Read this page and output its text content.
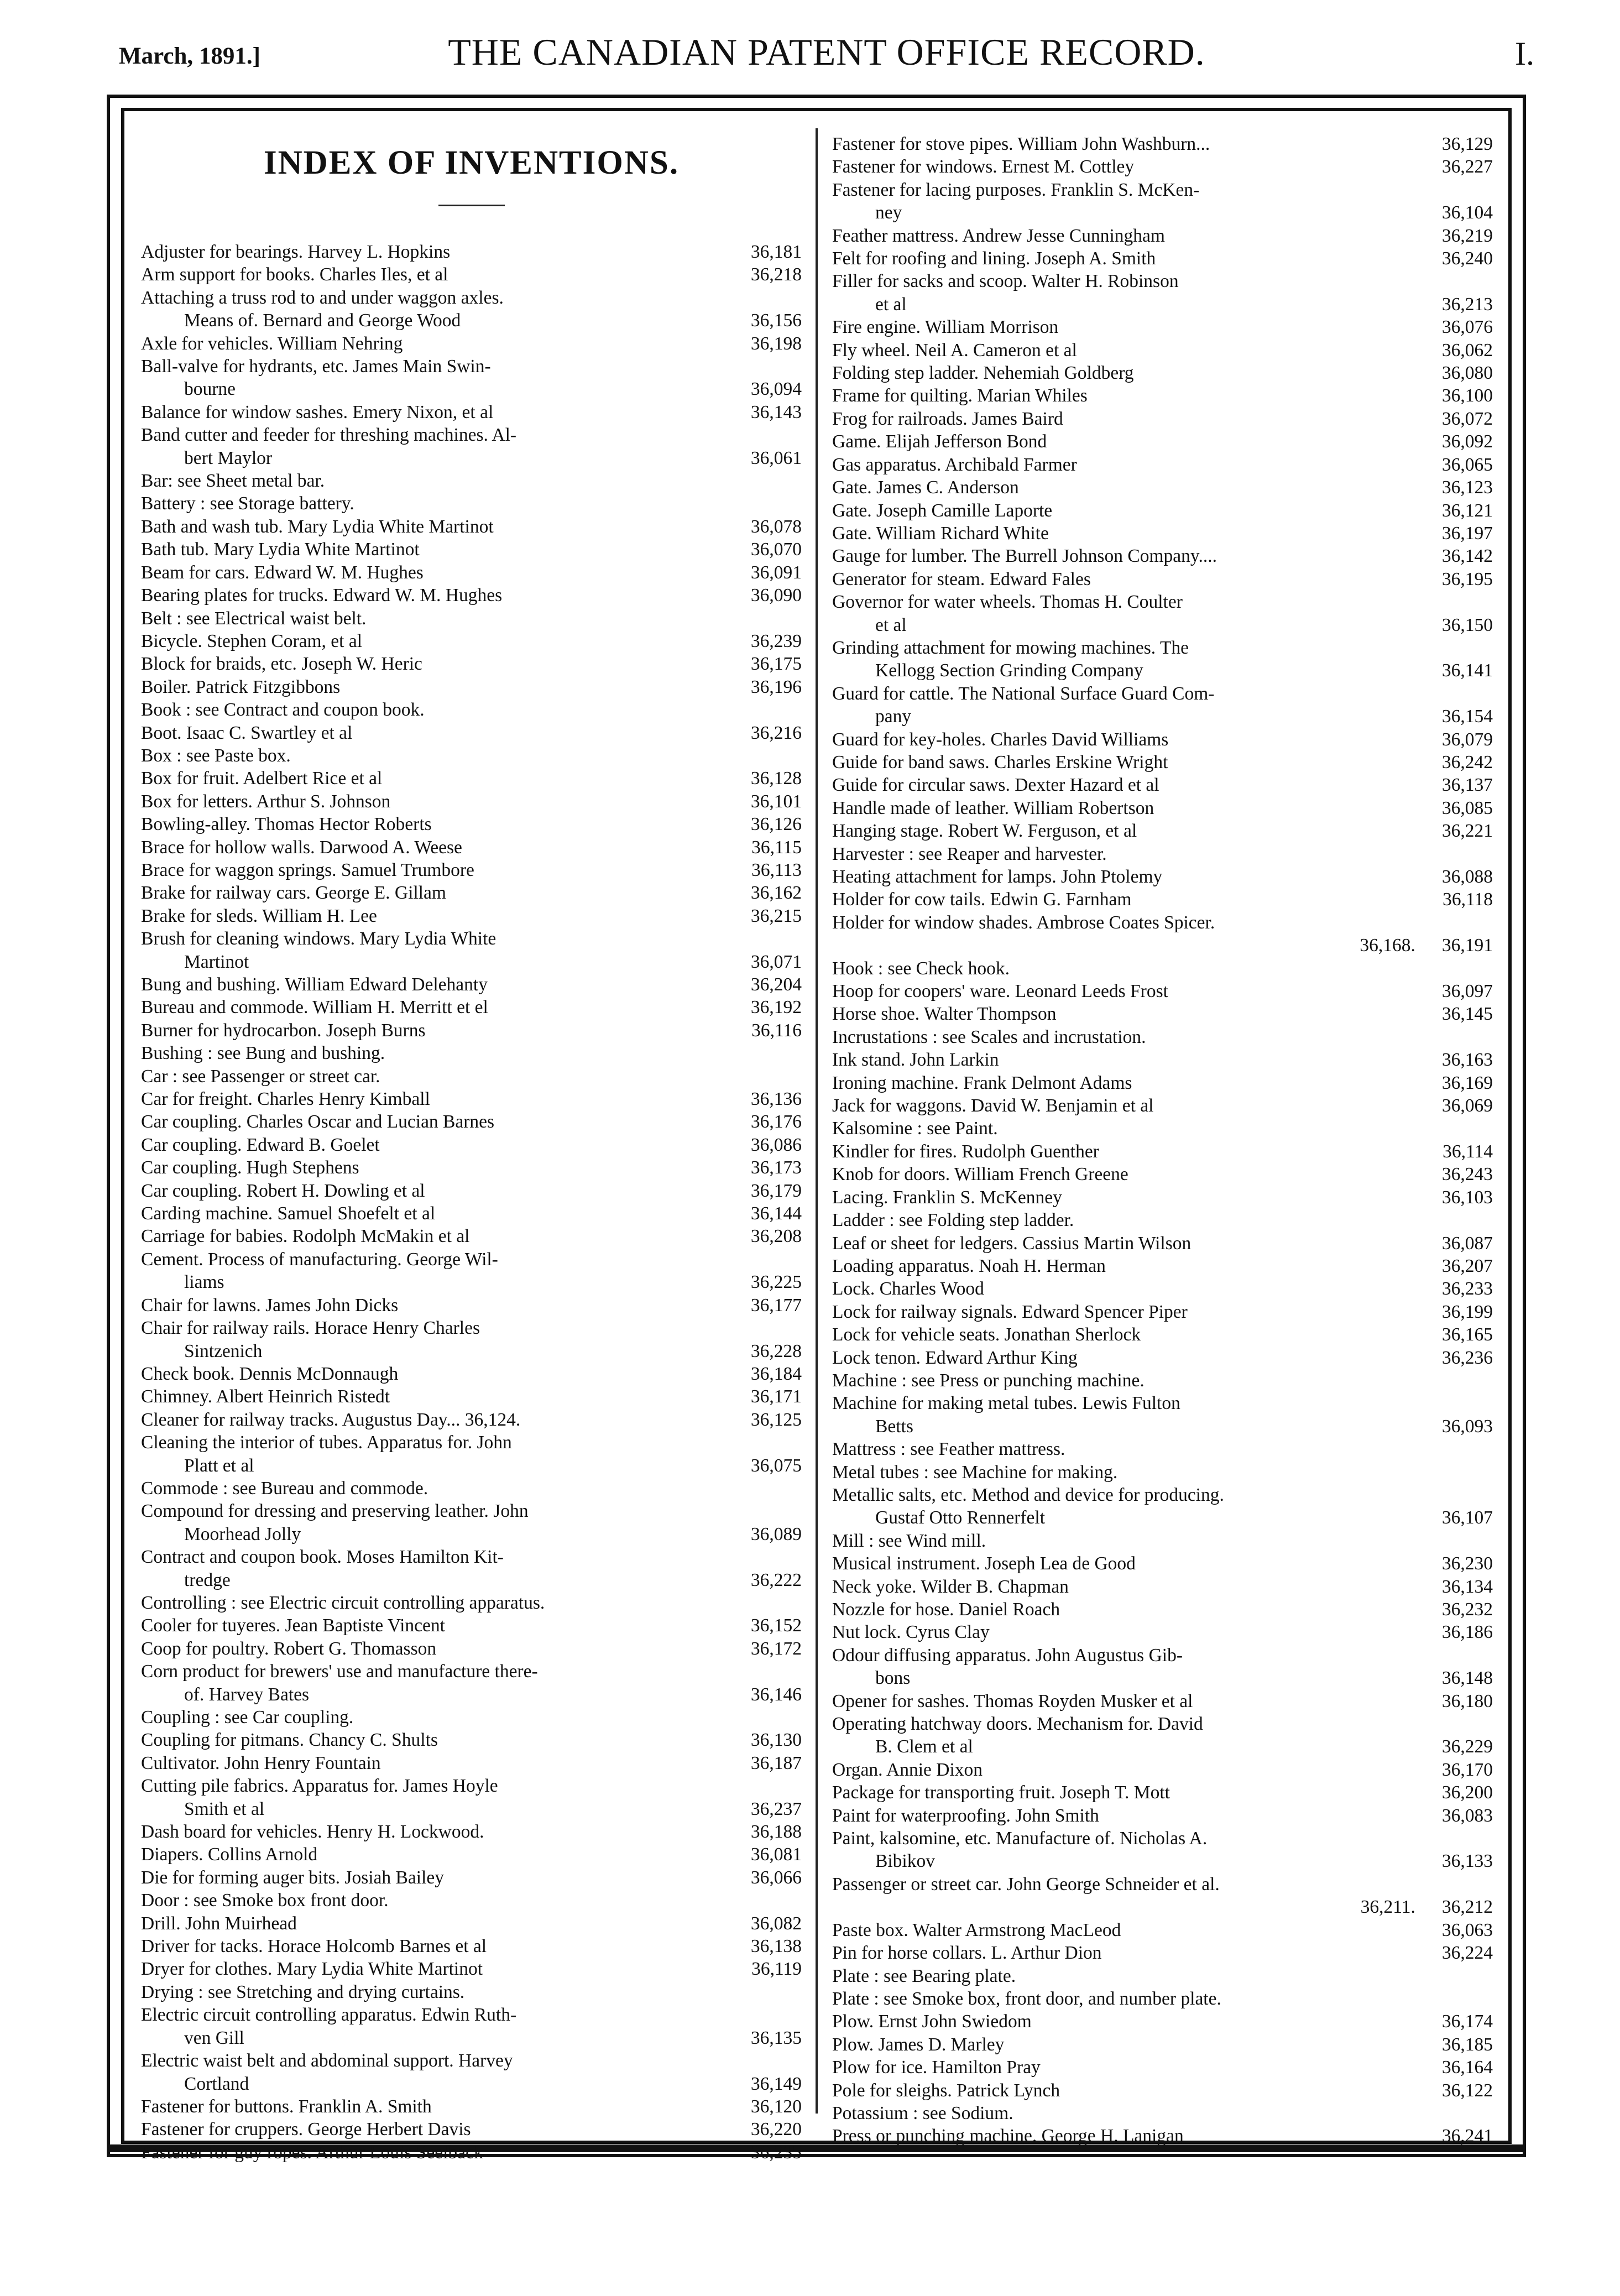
March, 1891.]	THE CANADIAN PATENT OFFICE RECORD.	I.
INDEX OF INVENTIONS.
Adjuster for bearings. Harvey L. Hopkins	36,181
Arm support for books. Charles Iles, et al	36,218
Attaching a truss rod to and under waggon axles.
Means of. Bernard and George Wood	36,156
Axle for vehicles. William Nehring	36,198
Ball-valve for hydrants, etc. James Main Swin-
bourne	36,094
Balance for window sashes. Emery Nixon, et al	36,143
Band cutter and feeder for threshing machines. Al-
bert Maylor	36,061
Bar: see Sheet metal bar.
Battery : see Storage battery.
Bath and wash tub. Mary Lydia White Martinot	36,078
Bath tub. Mary Lydia White Martinot	36,070
Beam for cars. Edward W. M. Hughes	36,091
Bearing plates for trucks. Edward W. M. Hughes	36,090
Belt : see Electrical waist belt.
Bicycle. Stephen Coram, et al	36,239
Block for braids, etc. Joseph W. Heric	36,175
Boiler. Patrick Fitzgibbons	36,196
Book : see Contract and coupon book.
Boot. Isaac C. Swartley et al	36,216
Box : see Paste box.
Box for fruit. Adelbert Rice et al	36,128
Box for letters. Arthur S. Johnson	36,101
Bowling-alley. Thomas Hector Roberts	36,126
Brace for hollow walls. Darwood A. Weese	36,115
Brace for waggon springs. Samuel Trumbore	36,113
Brake for railway cars. George E. Gillam	36,162
Brake for sleds. William H. Lee	36,215
Brush for cleaning windows. Mary Lydia White
Martinot	36,071
Bung and bushing. William Edward Delehanty	36,204
Bureau and commode. William H. Merritt et el	36,192
Burner for hydrocarbon. Joseph Burns	36,116
Bushing : see Bung and bushing.
Car : see Passenger or street car.
Car for freight. Charles Henry Kimball	36,136
Car coupling. Charles Oscar and Lucian Barnes	36,176
Car coupling. Edward B. Goelet	36,086
Car coupling. Hugh Stephens	36,173
Car coupling. Robert H. Dowling et al	36,179
Carding machine. Samuel Shoefelt et al	36,144
Carriage for babies. Rodolph McMakin et al	36,208
Cement. Process of manufacturing. George Wil-
liams	36,225
Chair for lawns. James John Dicks	36,177
Chair for railway rails. Horace Henry Charles
Sintzenich	36,228
Check book. Dennis McDonnaugh	36,184
Chimney. Albert Heinrich Ristedt	36,171
Cleaner for railway tracks. Augustus Day... 36,124.	36,125
Cleaning the interior of tubes. Apparatus for. John
Platt et al	36,075
Commode : see Bureau and commode.
Compound for dressing and preserving leather. John
Moorhead Jolly	36,089
Contract and coupon book. Moses Hamilton Kit-
tredge	36,222
Controlling : see Electric circuit controlling apparatus.
Cooler for tuyeres. Jean Baptiste Vincent	36,152
Coop for poultry. Robert G. Thomasson	36,172
Corn product for brewers' use and manufacture there-
of. Harvey Bates	36,146
Coupling : see Car coupling.
Coupling for pitmans. Chancy C. Shults	36,130
Cultivator. John Henry Fountain	36,187
Cutting pile fabrics. Apparatus for. James Hoyle
Smith et al	36,237
Dash board for vehicles. Henry H. Lockwood.	36,188
Diapers. Collins Arnold	36,081
Die for forming auger bits. Josiah Bailey	36,066
Door : see Smoke box front door.
Drill. John Muirhead	36,082
Driver for tacks. Horace Holcomb Barnes et al	36,138
Dryer for clothes. Mary Lydia White Martinot	36,119
Drying : see Stretching and drying curtains.
Electric circuit controlling apparatus. Edwin Ruth-
ven Gill	36,135
Electric waist belt and abdominal support. Harvey
Cortland	36,149
Fastener for buttons. Franklin A. Smith	36,120
Fastener for cruppers. George Herbert Davis	36,220
Fastener for guy ropes. Arthur Louis Seelback	36,235
Fastener for stove pipes. William John Washburn...	36,129
Fastener for windows. Ernest M. Cottley	36,227
Fastener for lacing purposes. Franklin S. McKen-
ney	36,104
Feather mattress. Andrew Jesse Cunningham	36,219
Felt for roofing and lining. Joseph A. Smith	36,240
Filler for sacks and scoop. Walter H. Robinson
et al	36,213
Fire engine. William Morrison	36,076
Fly wheel. Neil A. Cameron et al	36,062
Folding step ladder. Nehemiah Goldberg	36,080
Frame for quilting. Marian Whiles	36,100
Frog for railroads. James Baird	36,072
Game. Elijah Jefferson Bond	36,092
Gas apparatus. Archibald Farmer	36,065
Gate. James C. Anderson	36,123
Gate. Joseph Camille Laporte	36,121
Gate. William Richard White	36,197
Gauge for lumber. The Burrell Johnson Company....	36,142
Generator for steam. Edward Fales	36,195
Governor for water wheels. Thomas H. Coulter
et al	36,150
Grinding attachment for mowing machines. The
Kellogg Section Grinding Company	36,141
Guard for cattle. The National Surface Guard Com-
pany	36,154
Guard for key-holes. Charles David Williams	36,079
Guide for band saws. Charles Erskine Wright	36,242
Guide for circular saws. Dexter Hazard et al	36,137
Handle made of leather. William Robertson	36,085
Hanging stage. Robert W. Ferguson, et al	36,221
Harvester : see Reaper and harvester.
Heating attachment for lamps. John Ptolemy	36,088
Holder for cow tails. Edwin G. Farnham	36,118
Holder for window shades. Ambrose Coates Spicer.
36,168. 36,191
Hook : see Check hook.
Hoop for coopers' ware. Leonard Leeds Frost	36,097
Horse shoe. Walter Thompson	36,145
Incrustations : see Scales and incrustation.
Ink stand. John Larkin	36,163
Ironing machine. Frank Delmont Adams	36,169
Jack for waggons. David W. Benjamin et al	36,069
Kalsomine : see Paint.
Kindler for fires. Rudolph Guenther	36,114
Knob for doors. William French Greene	36,243
Lacing. Franklin S. McKenney	36,103
Ladder : see Folding step ladder.
Leaf or sheet for ledgers. Cassius Martin Wilson	36,087
Loading apparatus. Noah H. Herman	36,207
Lock. Charles Wood	36,233
Lock for railway signals. Edward Spencer Piper	36,199
Lock for vehicle seats. Jonathan Sherlock	36,165
Lock tenon. Edward Arthur King	36,236
Machine : see Press or punching machine.
Machine for making metal tubes. Lewis Fulton
Betts	36,093
Mattress : see Feather mattress.
Metal tubes : see Machine for making.
Metallic salts, etc. Method and device for producing.
Gustaf Otto Rennerfelt	36,107
Mill : see Wind mill.
Musical instrument. Joseph Lea de Good	36,230
Neck yoke. Wilder B. Chapman	36,134
Nozzle for hose. Daniel Roach	36,232
Nut lock. Cyrus Clay	36,186
Odour diffusing apparatus. John Augustus Gib-
bons	36,148
Opener for sashes. Thomas Royden Musker et al	36,180
Operating hatchway doors. Mechanism for. David
B. Clem et al	36,229
Organ. Annie Dixon	36,170
Package for transporting fruit. Joseph T. Mott	36,200
Paint for waterproofing. John Smith	36,083
Paint, kalsomine, etc. Manufacture of. Nicholas A.
Bibikov	36,133
Passenger or street car. John George Schneider et al.
36,211. 36,212
Paste box. Walter Armstrong MacLeod	36,063
Pin for horse collars. L. Arthur Dion	36,224
Plate : see Bearing plate.
Plate : see Smoke box, front door, and number plate.
Plow. Ernst John Swiedom	36,174
Plow. James D. Marley	36,185
Plow for ice. Hamilton Pray	36,164
Pole for sleighs. Patrick Lynch	36,122
Potassium : see Sodium.
Press or punching machine. George H. Lanigan	36,241
